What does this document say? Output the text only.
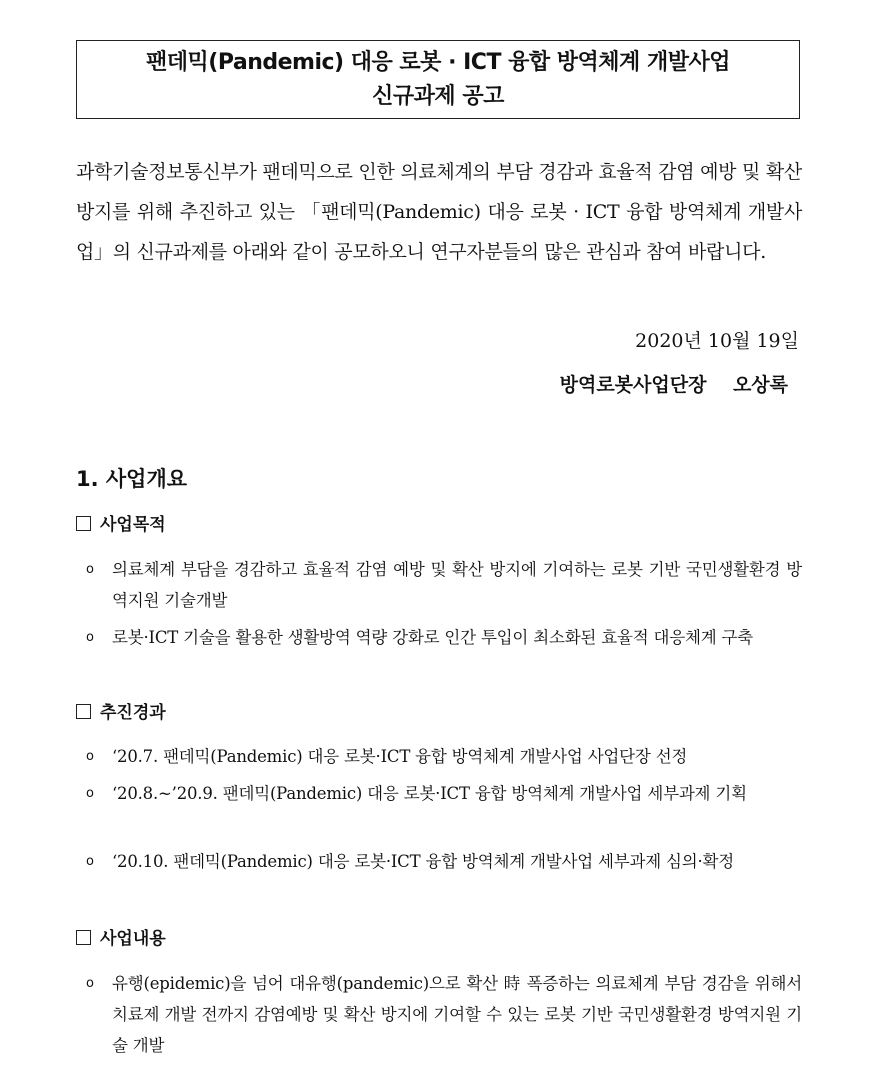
팬데믹(Pandemic) 대응 로봇 · ICT 융합 방역체계 개발사업
신규과제 공고
과학기술정보통신부가 팬데믹으로 인한 의료체계의 부담 경감과 효율적 감염 예방 및 확산 방지를 위해 추진하고 있는 「팬데믹(Pandemic) 대응 로봇 · ICT 융합 방역체계 개발사업」의 신규과제를 아래와 같이 공모하오니 연구자분들의 많은 관심과 참여 바랍니다.
2020년 10월 19일
방역로봇사업단장 오상록
1. 사업개요
사업목적
o 의료체계 부담을 경감하고 효율적 감염 예방 및 확산 방지에 기여하는 로봇 기반 국민생활환경 방역지원 기술개발
o 로봇·ICT 기술을 활용한 생활방역 역량 강화로 인간 투입이 최소화된 효율적 대응체계 구축
추진경과
o ‘20.7. 팬데믹(Pandemic) 대응 로봇·ICT 융합 방역체계 개발사업 사업단장 선정
o ‘20.8.~’20.9. 팬데믹(Pandemic) 대응 로봇·ICT 융합 방역체계 개발사업 세부과제 기획
o ‘20.10. 팬데믹(Pandemic) 대응 로봇·ICT 융합 방역체계 개발사업 세부과제 심의·확정
사업내용
o 유행(epidemic)을 넘어 대유행(pandemic)으로 확산 時 폭증하는 의료체계 부담 경감을 위해서 치료제 개발 전까지 감염예방 및 확산 방지에 기여할 수 있는 로봇 기반 국민생활환경 방역지원 기술 개발
